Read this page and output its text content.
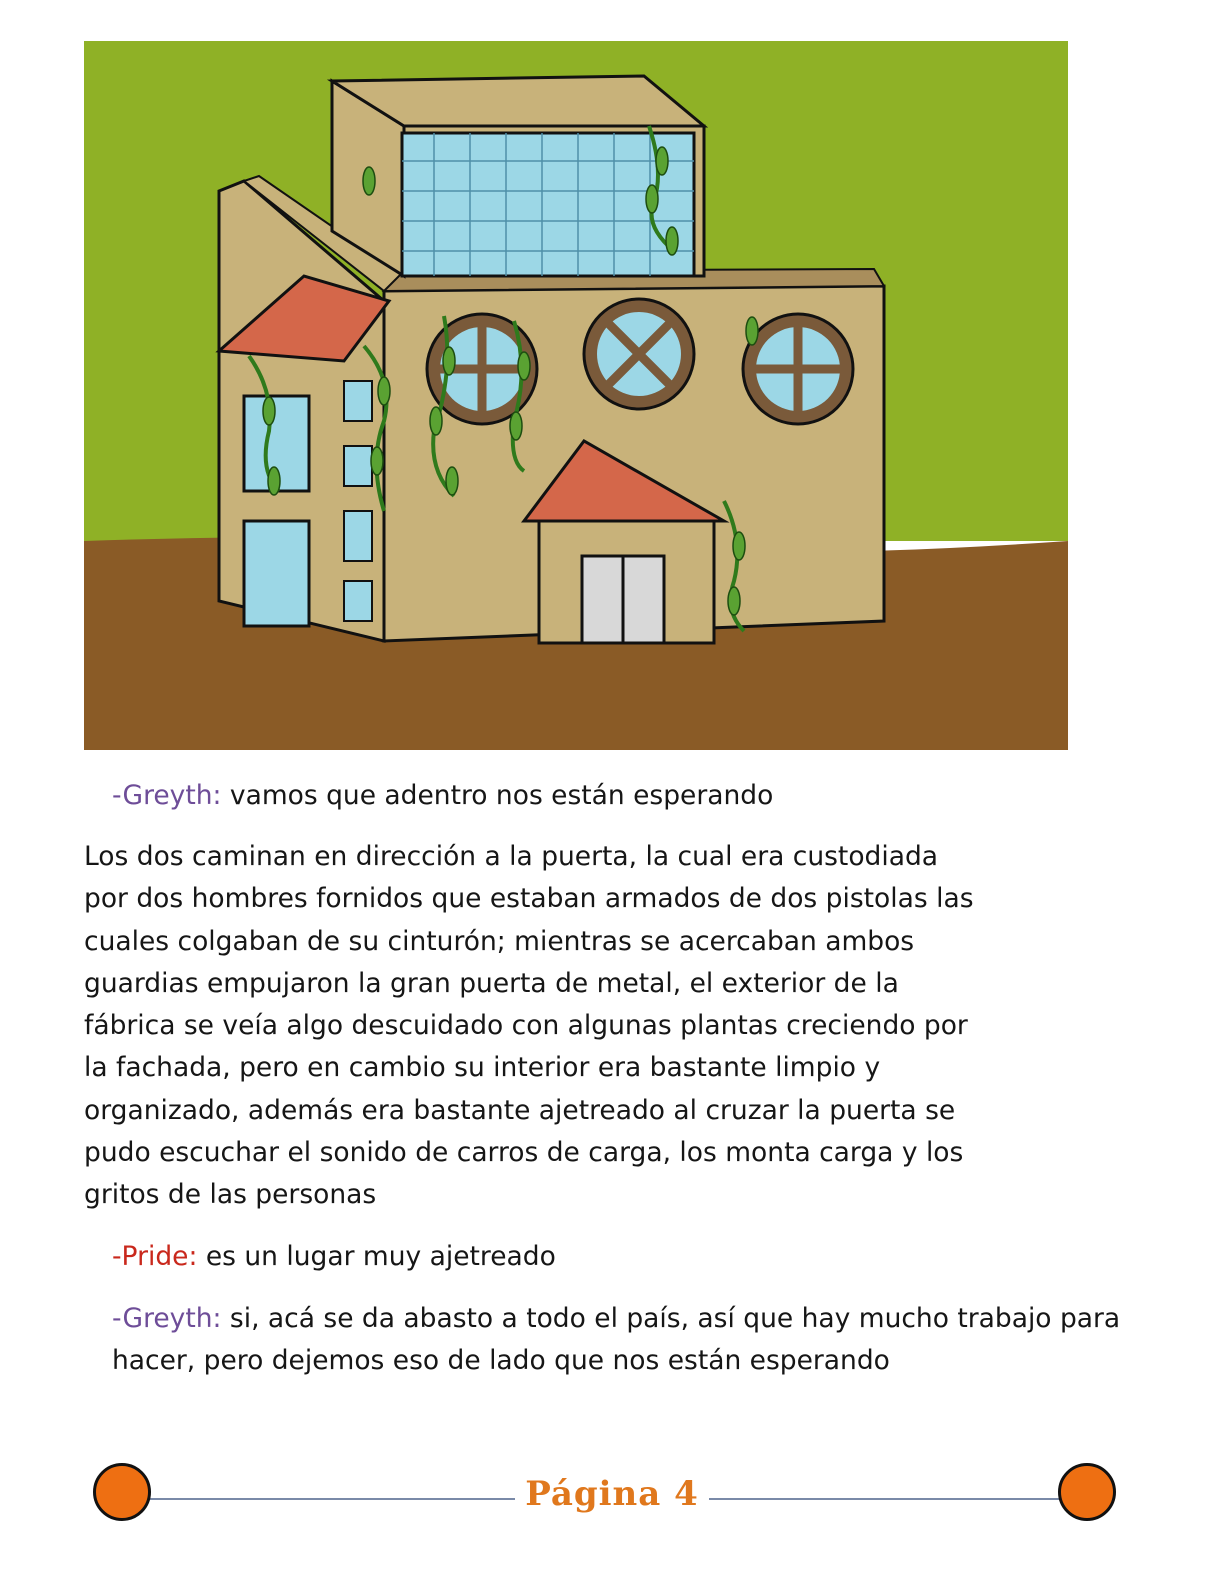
-Greyth: vamos que adentro nos están esperando

Los dos caminan en dirección a la puerta, la cual era custodiada
por dos hombres fornidos que estaban armados de dos pistolas las
cuales colgaban de su cinturón; mientras se acercaban ambos
guardias empujaron la gran puerta de metal, el exterior de la
fábrica se veía algo descuidado con algunas plantas creciendo por
la fachada, pero en cambio su interior era bastante limpio y
organizado, además era bastante ajetreado al cruzar la puerta se
pudo escuchar el sonido de carros de carga, los monta carga y los
gritos de las personas

-Pride: es un lugar muy ajetreado

-Greyth: si, acá se da abasto a todo el país, así que hay mucho trabajo para hacer, pero dejemos eso de lado que nos están esperando

Página 4
